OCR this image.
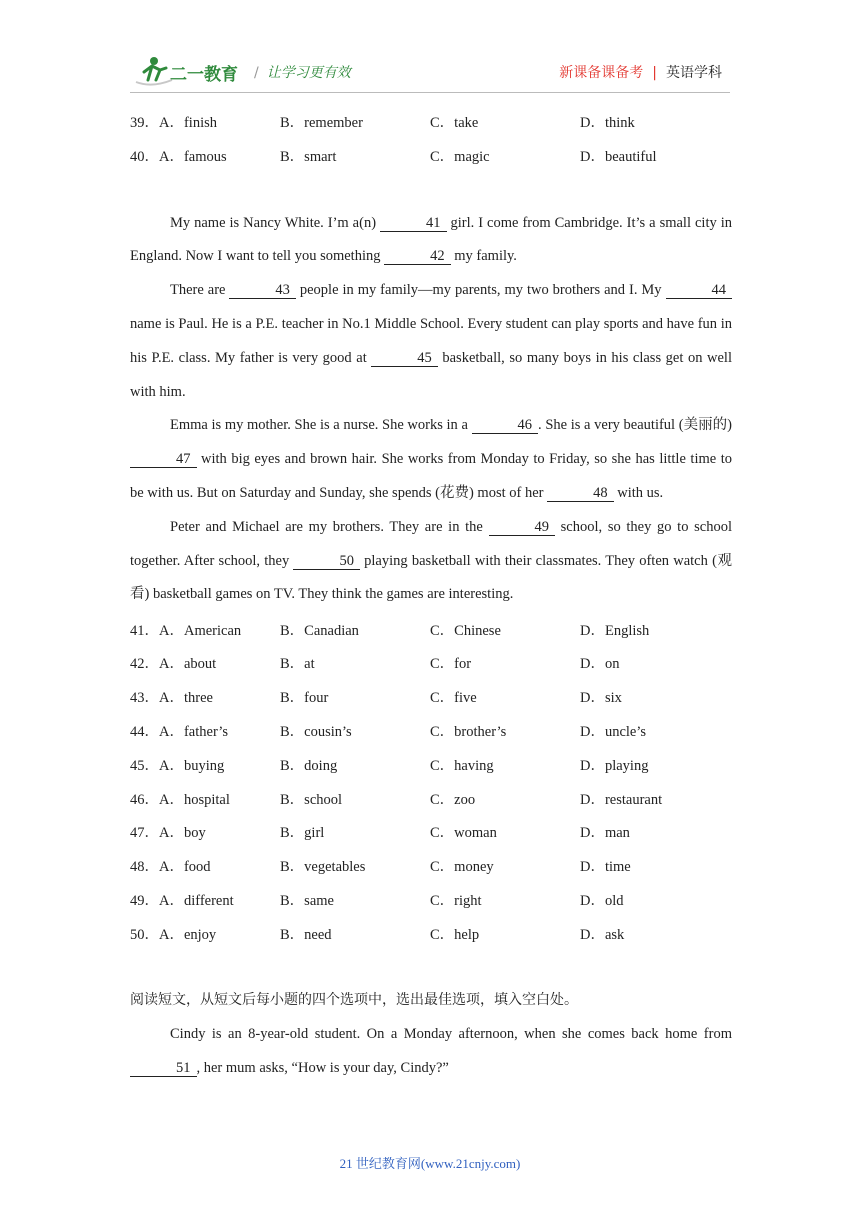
二一教育 / 让学习更有效	新课备课备考 | 英语学科
39．A．finish	B．remember	C．take	D．think
40．A．famous	B．smart	C．magic	D．beautiful

My name is Nancy White. I’m a(n)	41 girl. I come from Cambridge. It’s a small city in England. Now I want to tell you something	42 my family.

There are	43 people in my family—my parents, my two brothers and I. My	44 name is Paul. He is a P.E. teacher in No.1 Middle School. Every student can play sports and have fun in his P.E. class. My father is very good at	45 basketball, so many boys in his class get on well with him.

Emma is my mother. She is a nurse. She works in a	46 . She is a very beautiful (美丽的) 47 with big eyes and brown hair. She works from Monday to Friday, so she has little time to be with us. But on Saturday and Sunday, she spends (花费) most of her	48 with us.

Peter and Michael are my brothers. They are in the	49 school, so they go to school together. After school, they	50 playing basketball with their classmates. They often watch (观看) basketball games on TV. They think the games are interesting.

41．A．American	B．Canadian	C．Chinese	D．English
42．A．about	B．at	C．for	D．on
43．A．three	B．four	C．five	D．six
44．A．father’s	B．cousin’s	C．brother’s	D．uncle’s
45．A．buying	B．doing	C．having	D．playing
46．A．hospital	B．school	C．zoo	D．restaurant
47．A．boy	B．girl	C．woman	D．man
48．A．food	B．vegetables	C．money	D．time
49．A．different	B．same	C．right	D．old
50．A．enjoy	B．need	C．help	D．ask
阅读短文，从短文后每小题的四个选项中，选出最佳选项，填入空白处。

Cindy is an 8-year-old student. On a Monday afternoon, when she comes back home from 51 , her mum asks, “How is your day, Cindy?”

21 世纪教育网(www.21cnjy.com)
